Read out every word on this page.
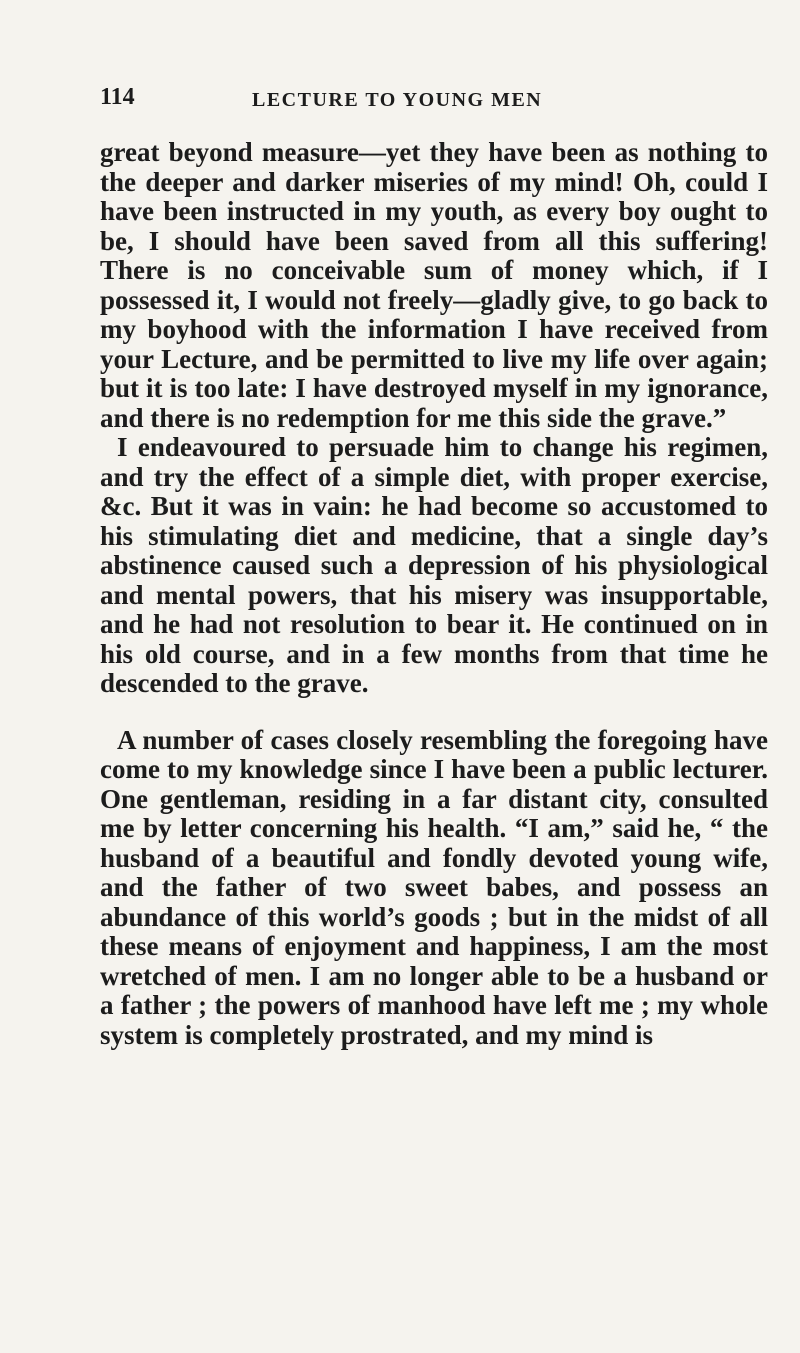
114	LECTURE TO YOUNG MEN

great beyond measure—yet they have been as nothing to the deeper and darker miseries of my mind! Oh, could I have been instructed in my youth, as every boy ought to be, I should have been saved from all this suffering! There is no conceivable sum of money which, if I possessed it, I would not freely—gladly give, to go back to my boyhood with the information I have received from your Lecture, and be permitted to live my life over again; but it is too late: I have destroyed myself in my ignorance, and there is no redemption for me this side the grave.”

I endeavoured to persuade him to change his regimen, and try the effect of a simple diet, with proper exercise, &c. But it was in vain: he had become so accustomed to his stimulating diet and medicine, that a single day’s abstinence caused such a depression of his physiological and mental powers, that his misery was insupportable, and he had not resolution to bear it. He continued on in his old course, and in a few months from that time he descended to the grave.

A number of cases closely resembling the foregoing have come to my knowledge since I have been a public lecturer. One gentleman, residing in a far distant city, consulted me by letter concerning his health. “I am,” said he, “ the husband of a beautiful and fondly devoted young wife, and the father of two sweet babes, and possess an abundance of this world’s goods ; but in the midst of all these means of enjoyment and happiness, I am the most wretched of men. I am no longer able to be a husband or a father ; the powers of manhood have left me ; my whole system is completely prostrated, and my mind is
